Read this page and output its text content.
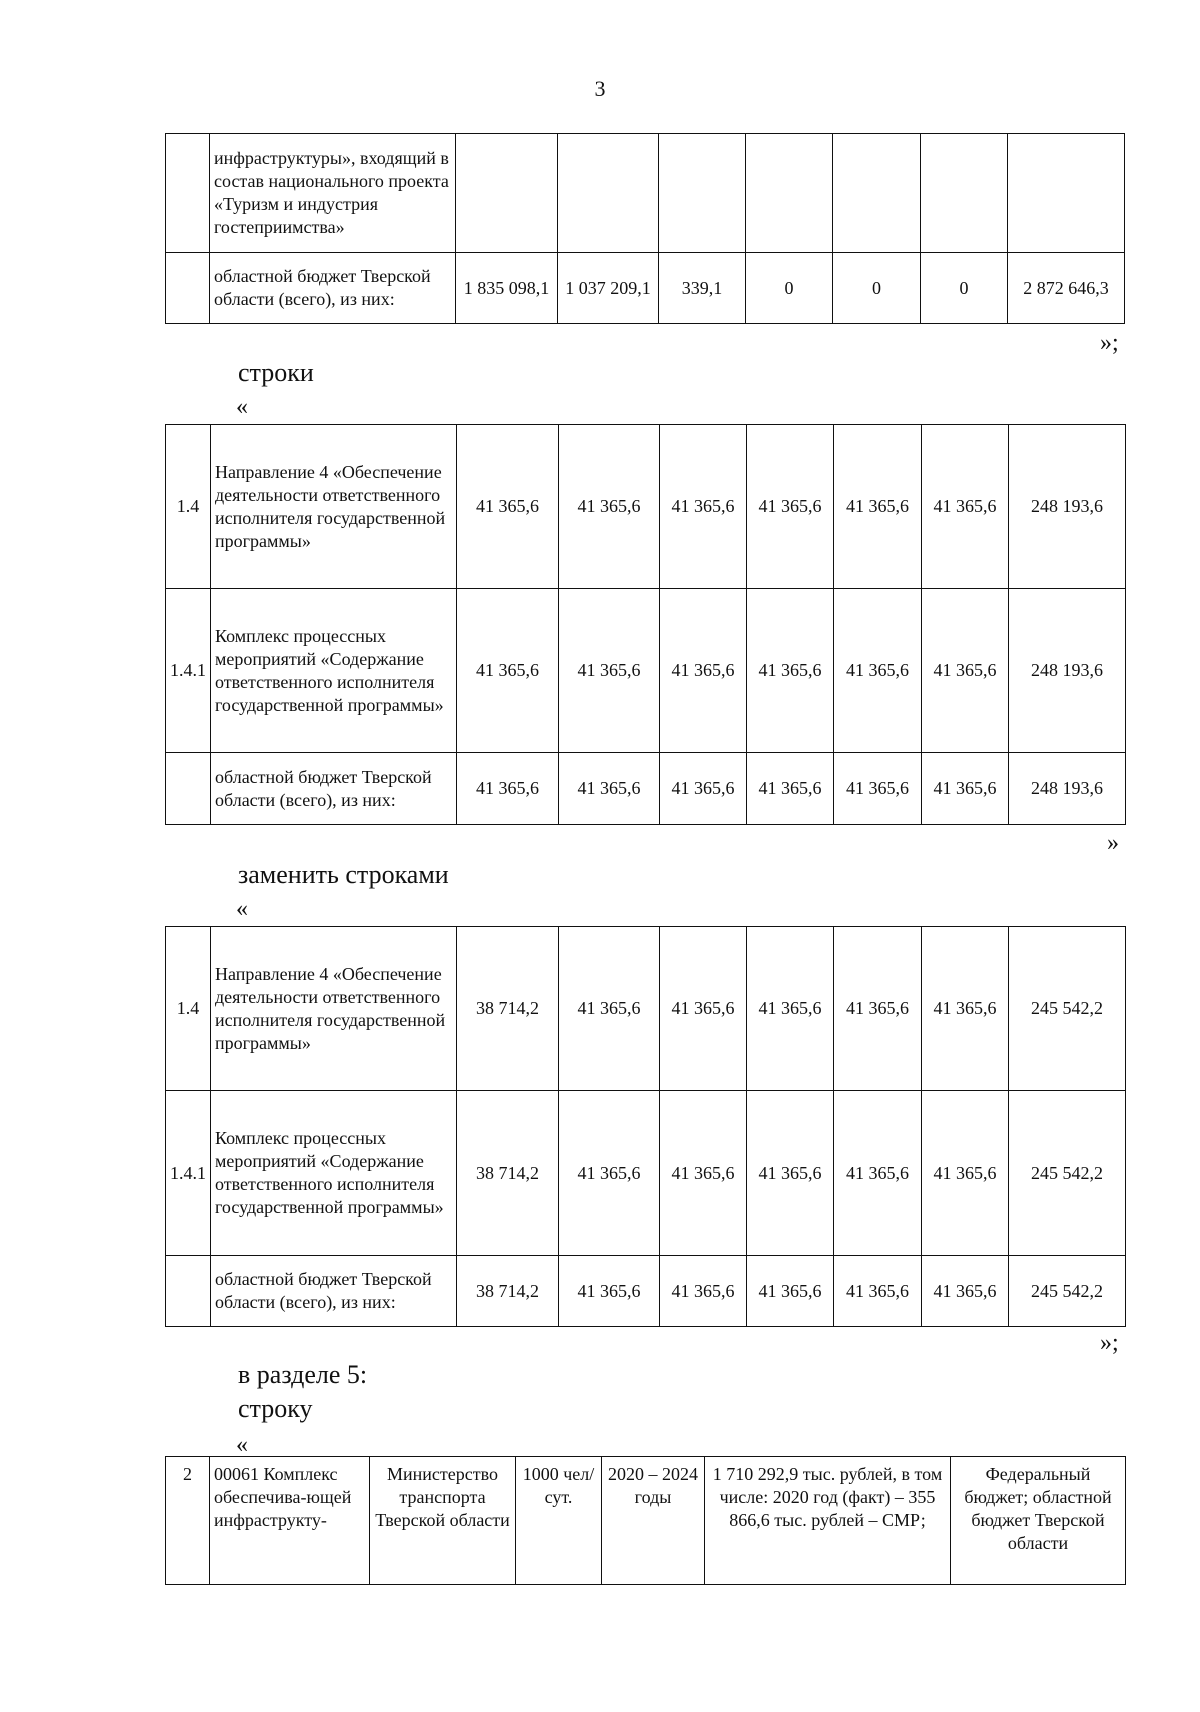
3
	инфраструктуры», входящий в состав национального проекта «Туризм и индустрия гостеприимства»							
	областной бюджет Тверской области (всего), из них:	1 835 098,1	1 037 209,1	339,1	0	0	0	2 872 646,3
»;
строки
«
1.4	Направление 4 «Обеспечение деятельности ответственного исполнителя государственной программы»	41 365,6	41 365,6	41 365,6	41 365,6	41 365,6	41 365,6	248 193,6
1.4.1	Комплекс процессных мероприятий «Содержание ответственного исполнителя государственной программы»	41 365,6	41 365,6	41 365,6	41 365,6	41 365,6	41 365,6	248 193,6
	областной бюджет Тверской области (всего), из них:	41 365,6	41 365,6	41 365,6	41 365,6	41 365,6	41 365,6	248 193,6
»
заменить строками
«
1.4	Направление 4 «Обеспечение деятельности ответственного исполнителя государственной программы»	38 714,2	41 365,6	41 365,6	41 365,6	41 365,6	41 365,6	245 542,2
1.4.1	Комплекс процессных мероприятий «Содержание ответственного исполнителя государственной программы»	38 714,2	41 365,6	41 365,6	41 365,6	41 365,6	41 365,6	245 542,2
	областной бюджет Тверской области (всего), из них:	38 714,2	41 365,6	41 365,6	41 365,6	41 365,6	41 365,6	245 542,2
»;
в разделе 5:
строку
«
2	00061 Комплекс обеспечива-ющей инфраструкту-	Министерство транспорта Тверской области	1000 чел/сут.	2020 – 2024 годы	1 710 292,9 тыс. рублей, в том числе: 2020 год (факт) – 355 866,6 тыс. рублей – СМР;	Федеральный бюджет; областной бюджет Тверской области
